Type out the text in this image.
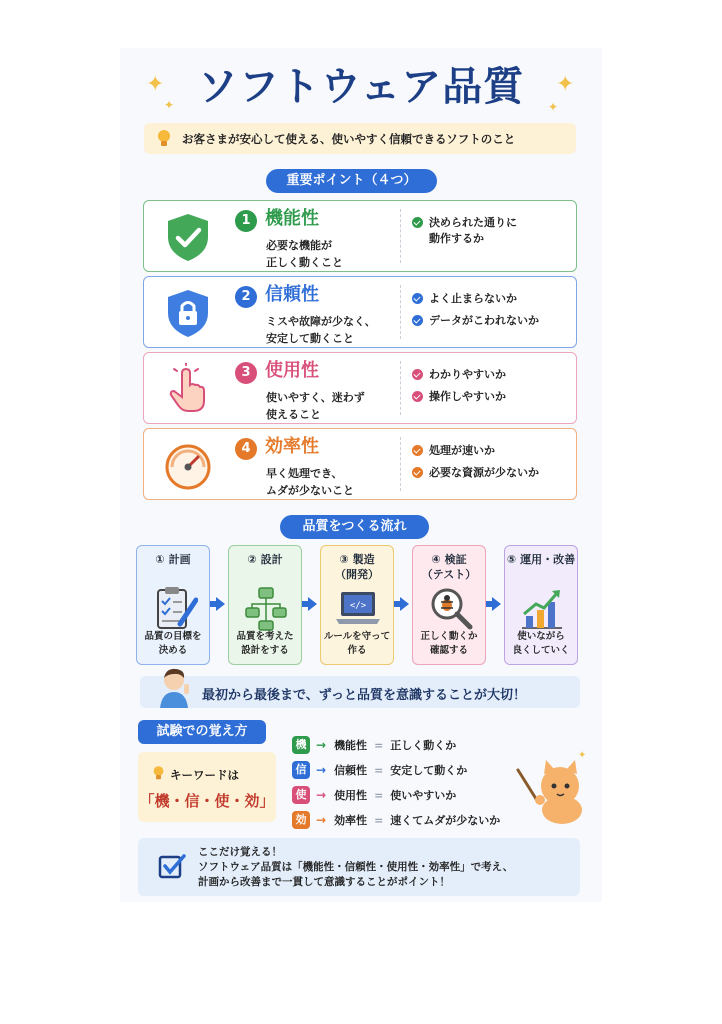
✦
✦
✦
✦
ソフトウェア品質
お客さまが安心して使える、使いやすく信頼できるソフトのこと
重要ポイント（４つ）
1 機能性
必要な機能が
正しく動くこと
決められた通りに
動作するか
2 信頼性
ミスや故障が少なく、
安定して動くこと
よく止まらないか
データがこわれないか
3 使用性
使いやすく、迷わず
使えること
わかりやすいか
操作しやすいか
4 効率性
早く処理でき、
ムダが少ないこと
処理が速いか
必要な資源が少ないか
品質をつくる流れ
① 計画
品質の目標を
決める
② 設計
品質を考えた
設計をする
③ 製造
（開発）
</>
ルールを守って
作る
④ 検証
（テスト）
正しく動くか
確認する
⑤ 運用・改善
使いながら
良くしていく
最初から最後まで、ずっと品質を意識することが大切！
試験での覚え方
キーワードは
「機・信・使・効」
機 → 機能性 = 正しく動くか
信 → 信頼性 = 安定して動くか
使 → 使用性 = 使いやすいか
効 → 効率性 = 速くてムダが少ないか
✦
ここだけ覚える！
ソフトウェア品質は「機能性・信頼性・使用性・効率性」で考え、
計画から改善まで一貫して意識することがポイント！
